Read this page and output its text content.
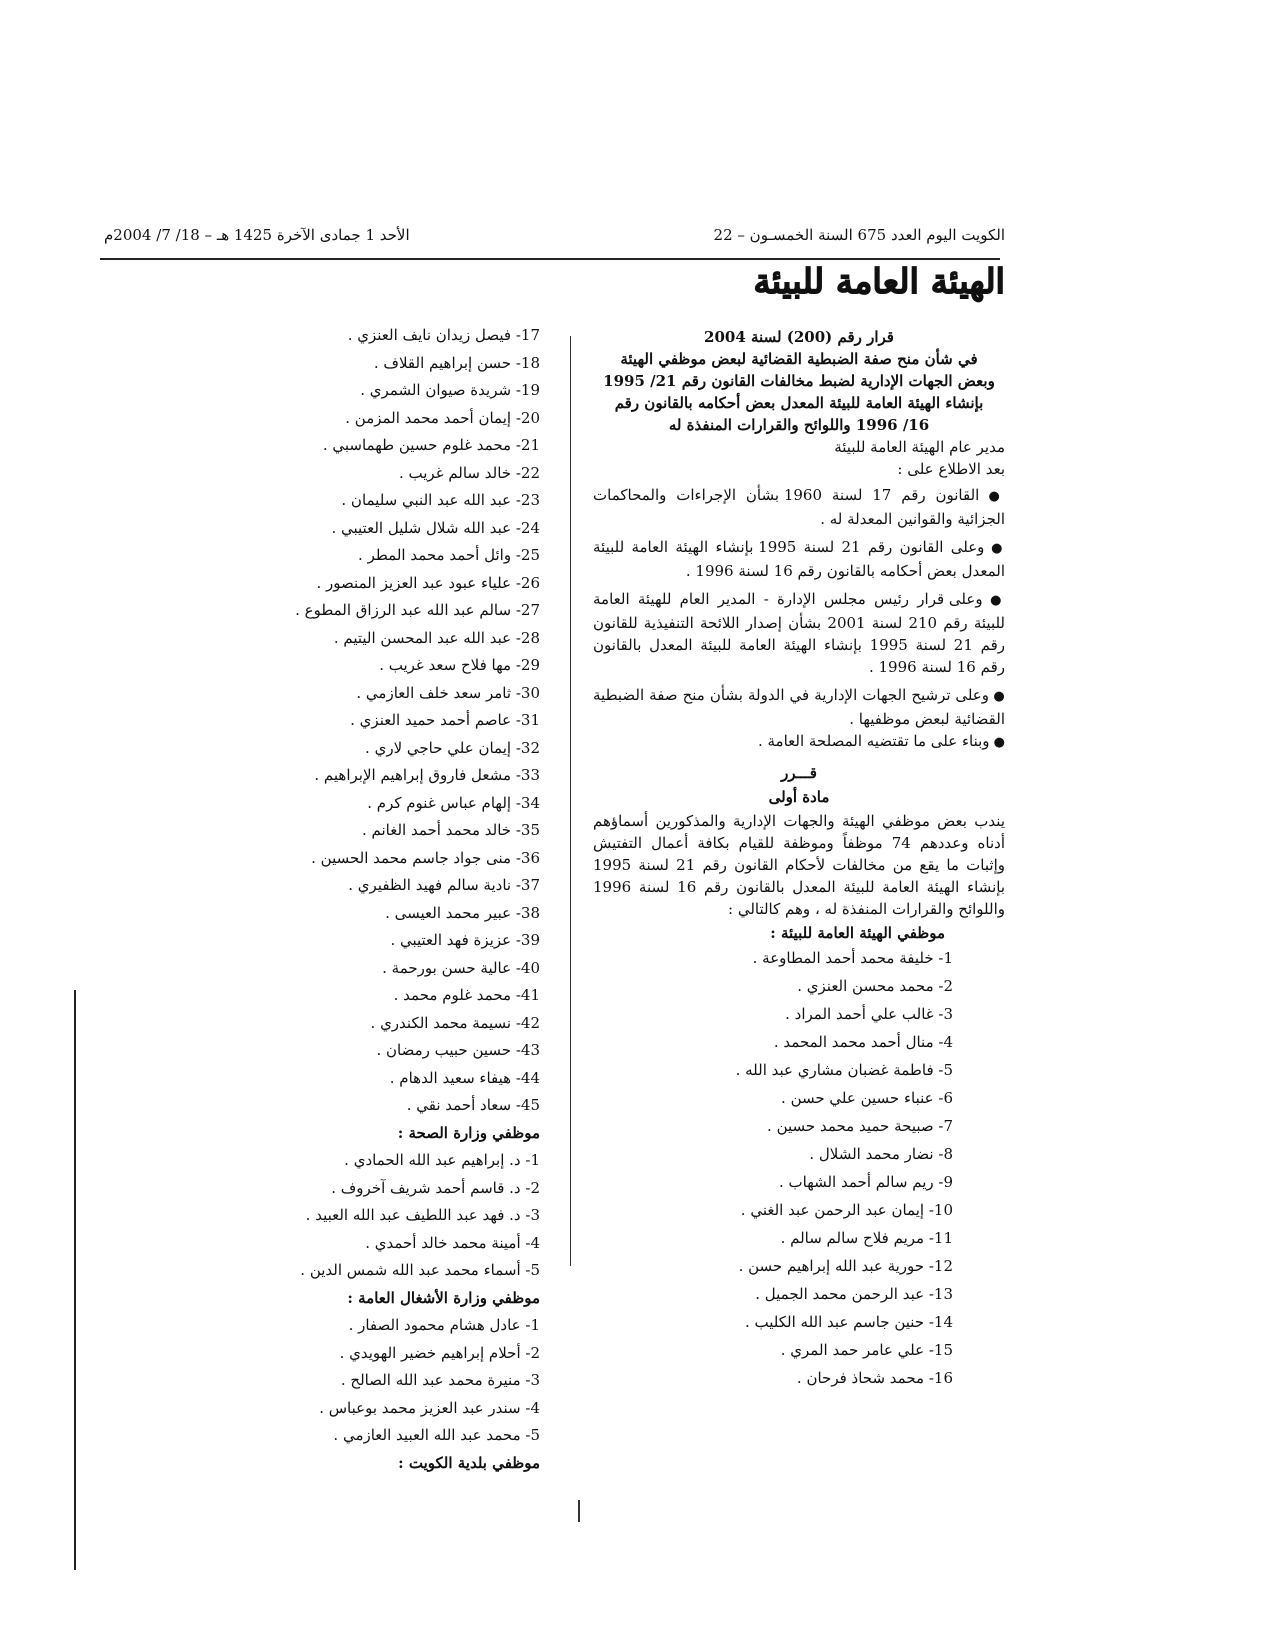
الكويت اليوم العدد 675 السنة الخمسـون – 22
الأحد 1 جمادى الآخرة 1425 هـ – 18/ 7/ 2004م
الهيئة العامة للبيئة
قرار رقم (200) لسنة 2004
في شأن منح صفة الضبطية القضائية لبعض موظفي الهيئة
وبعض الجهات الإدارية لضبط مخالفات القانون رقم 21/ 1995
بإنشاء الهيئة العامة للبيئة المعدل بعض أحكامه بالقانون رقم
16/ 1996 واللوائح والقرارات المنفذة له

مدير عام الهيئة العامة للبيئة

بعد الاطلاع على :

● القانون رقم 17 لسنة 1960 بشأن الإجراءات والمحاكمات الجزائية والقوانين المعدلة له .

● وعلى القانون رقم 21 لسنة 1995 بإنشاء الهيئة العامة للبيئة المعدل بعض أحكامه بالقانون رقم 16 لسنة 1996 .

● وعلى قرار رئيس مجلس الإدارة - المدير العام للهيئة العامة للبيئة رقم 210 لسنة 2001 بشأن إصدار اللائحة التنفيذية للقانون رقم 21 لسنة 1995 بإنشاء الهيئة العامة للبيئة المعدل بالقانون رقم 16 لسنة 1996 .

● وعلى ترشيح الجهات الإدارية في الدولة بشأن منح صفة الضبطية القضائية لبعض موظفيها .

● وبناء على ما تقتضيه المصلحة العامة .

قـــرر
مادة أولى

يندب بعض موظفي الهيئة والجهات الإدارية والمذكورين أسماؤهم أدناه وعددهم 74 موظفاً وموظفة للقيام بكافة أعمال التفتيش وإثبات ما يقع من مخالفات لأحكام القانون رقم 21 لسنة 1995 بإنشاء الهيئة العامة للبيئة المعدل بالقانون رقم 16 لسنة 1996 واللوائح والقرارات المنفذة له ، وهم كالتالي :

موظفي الهيئة العامة للبيئة :
1- خليفة محمد أحمد المطاوعة .
2- محمد محسن العنزي .
3- غالب علي أحمد المراد .
4- منال أحمد محمد المحمد .
5- فاطمة غضبان مشاري عبد الله .
6- عنباء حسين علي حسن .
7- صبيحة حميد محمد حسين .
8- نضار محمد الشلال .
9- ريم سالم أحمد الشهاب .
10- إيمان عبد الرحمن عبد الغني .
11- مريم فلاح سالم سالم .
12- حورية عبد الله إبراهيم حسن .
13- عبد الرحمن محمد الجميل .
14- حنين جاسم عبد الله الكليب .
15- علي عامر حمد المري .
16- محمد شحاذ فرحان .
17- فيصل زيدان نايف العنزي .
18- حسن إبراهيم القلاف .
19- شريدة صيوان الشمري .
20- إيمان أحمد محمد المزمن .
21- محمد غلوم حسين طهماسبي .
22- خالد سالم غريب .
23- عبد الله عبد النبي سليمان .
24- عبد الله شلال شليل العتيبي .
25- وائل أحمد محمد المطر .
26- علياء عبود عبد العزيز المنصور .
27- سالم عبد الله عبد الرزاق المطوع .
28- عبد الله عبد المحسن اليتيم .
29- مها فلاح سعد غريب .
30- ثامر سعد خلف العازمي .
31- عاصم أحمد حميد العنزي .
32- إيمان علي حاجي لاري .
33- مشعل فاروق إبراهيم الإبراهيم .
34- إلهام عباس غنوم كرم .
35- خالد محمد أحمد الغانم .
36- منى جواد جاسم محمد الحسين .
37- نادية سالم فهيد الظفيري .
38- عبير محمد العيسى .
39- عزيزة فهد العتيبي .
40- عالية حسن بورحمة .
41- محمد غلوم محمد .
42- نسيمة محمد الكندري .
43- حسين حبيب رمضان .
44- هيفاء سعيد الدهام .
45- سعاد أحمد نقي .
موظفي وزارة الصحة :
1- د. إبراهيم عبد الله الحمادي .
2- د. قاسم أحمد شريف آخروف .
3- د. فهد عبد اللطيف عبد الله العبيد .
4- أمينة محمد خالد أحمدي .
5- أسماء محمد عبد الله شمس الدين .
موظفي وزارة الأشغال العامة :
1- عادل هشام محمود الصفار .
2- أحلام إبراهيم خضير الهويدي .
3- منيرة محمد عبد الله الصالح .
4- سندر عبد العزيز محمد بوعباس .
5- محمد عبد الله العبيد العازمي .
موظفي بلدية الكويت :
